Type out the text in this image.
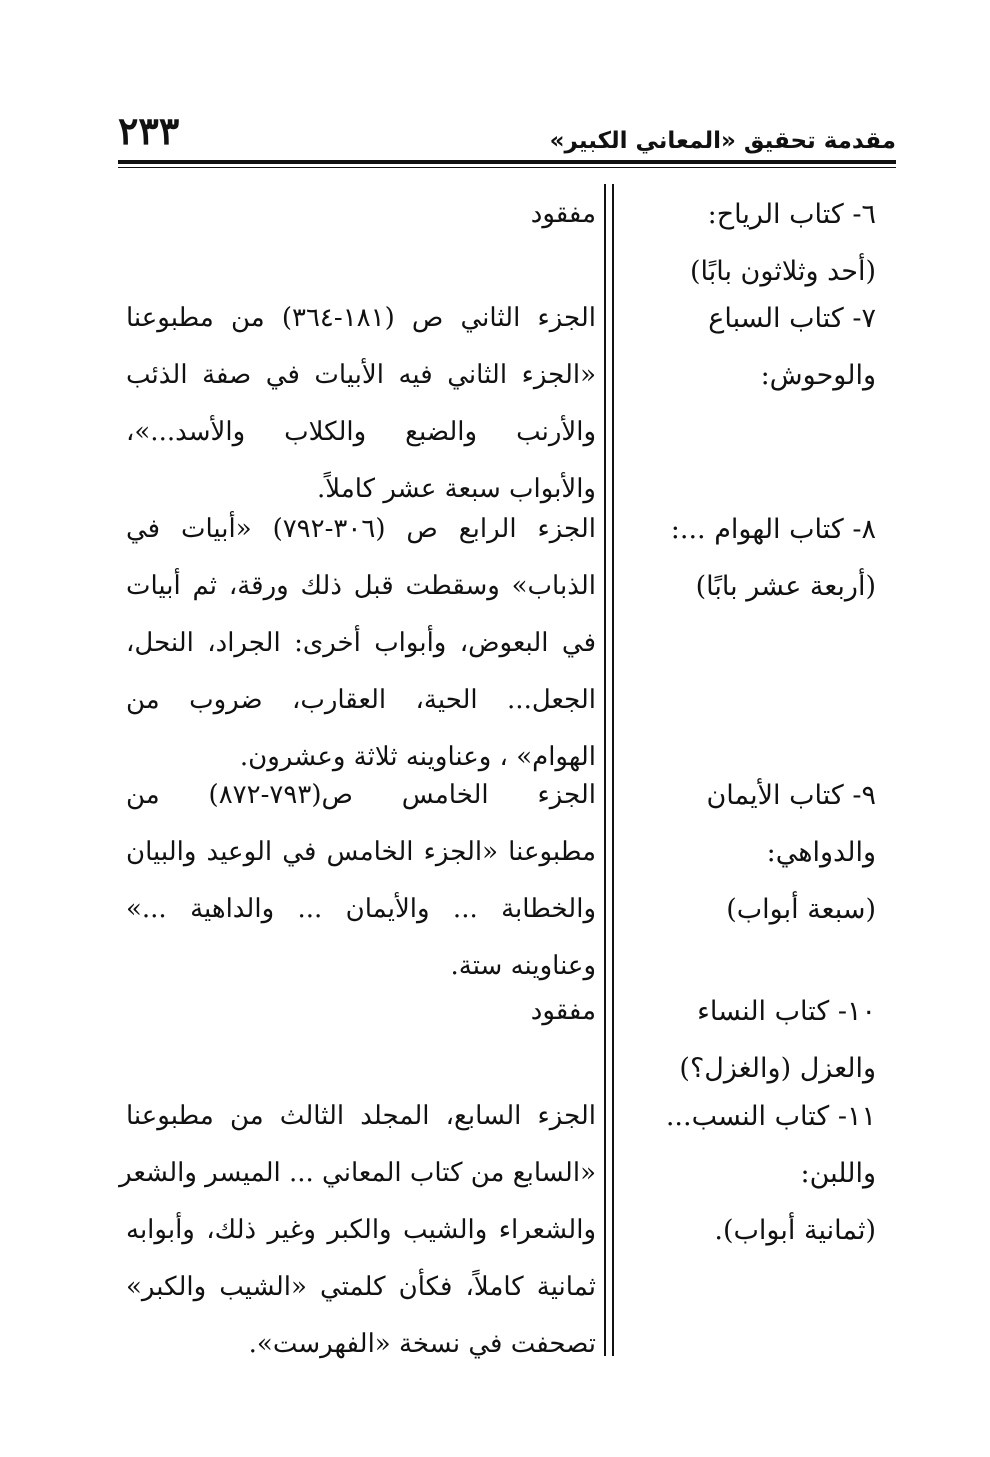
مقدمة تحقيق «المعاني الكبير»
٢٣٣
٦- كتاب الرياح:
(أحد وثلاثون بابًا)
مفقود
٧- كتاب السباع
والوحوش:
الجزء الثاني ص (١٨١-٣٦٤) من مطبوعنا
«الجزء الثاني فيه الأبيات في صفة الذئب
والأرنب والضبع والكلاب والأسد...»،
والأبواب سبعة عشر كاملاً.
٨- كتاب الهوام ...:
(أربعة عشر بابًا)
الجزء الرابع ص (٣٠٦-٧٩٢) «أبيات في
الذباب» وسقطت قبل ذلك ورقة، ثم أبيات
في البعوض، وأبواب أخرى: الجراد، النحل،
الجعل... الحية، العقارب، ضروب من
الهوام» ، وعناوينه ثلاثة وعشرون.
٩- كتاب الأيمان
والدواهي:
(سبعة أبواب)
الجزء الخامس ص(٧٩٣-٨٧٢) من
مطبوعنا «الجزء الخامس في الوعيد والبيان
والخطابة ... والأيمان ... والداهية ...»
وعناوينه ستة.
١٠- كتاب النساء
والعزل (والغزل؟)
مفقود
١١- كتاب النسب...
واللبن:
(ثمانية أبواب).
الجزء السابع، المجلد الثالث من مطبوعنا
«السابع من كتاب المعاني ... الميسر والشعر
والشعراء والشيب والكبر وغير ذلك، وأبوابه
ثمانية كاملاً، فكأن كلمتي «الشيب والكبر»
تصحفت في نسخة «الفهرست».
